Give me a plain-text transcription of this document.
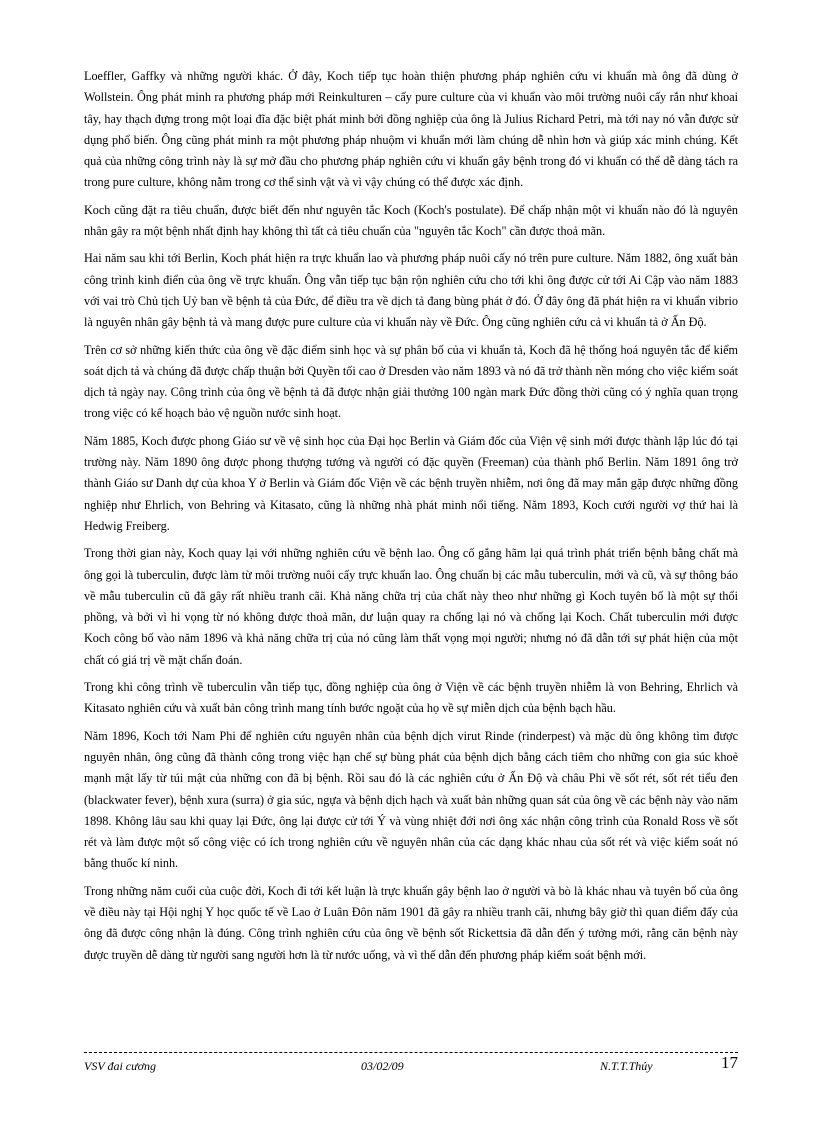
Loeffler, Gaffky và những người khác. Ở đây, Koch tiếp tục hoàn thiện phương pháp nghiên cứu vi khuẩn mà ông đã dùng ở Wollstein. Ông phát minh ra phương pháp mới Reinkulturen – cấy pure culture của vi khuẩn vào môi trường nuôi cấy rắn như khoai tây, hay thạch đựng trong một loại đĩa đặc biệt phát minh bởi đồng nghiệp của ông là Julius Richard Petri, mà tới nay nó vẫn được sử dụng phổ biến. Ông cũng phát minh ra một phương pháp nhuộm vi khuẩn mới làm chúng dễ nhìn hơn và giúp xác minh chúng. Kết quả của những công trình này là sự mở đầu cho phương pháp nghiên cứu vi khuẩn gây bệnh trong đó vi khuẩn có thể dễ dàng tách ra trong pure culture, không nằm trong cơ thể sinh vật và vì vậy chúng có thể được xác định.

Koch cũng đặt ra tiêu chuẩn, được biết đến như nguyên tắc Koch (Koch's postulate). Để chấp nhận một vi khuẩn nào đó là nguyên nhân gây ra một bệnh nhất định hay không thì tất cả tiêu chuẩn của "nguyên tắc Koch" cần được thoả mãn.

Hai năm sau khi tới Berlin, Koch phát hiện ra trực khuẩn lao và phương pháp nuôi cấy nó trên pure culture. Năm 1882, ông xuất bản công trình kinh điển của ông về trực khuẩn. Ông vẫn tiếp tục bận rộn nghiên cứu cho tới khi ông được cử tới Ai Cập vào năm 1883 với vai trò Chủ tịch Uỷ ban về bệnh tả của Đức, để điều tra về dịch tả đang bùng phát ở đó. Ở đây ông đã phát hiện ra vi khuẩn vibrio là nguyên nhân gây bệnh tả và mang được pure culture của vi khuẩn này về Đức. Ông cũng nghiên cứu cả vi khuẩn tả ở Ấn Độ.

Trên cơ sở những kiến thức của ông về đặc điểm sinh học và sự phân bố của vi khuẩn tả, Koch đã hệ thống hoá nguyên tắc để kiểm soát dịch tả và chúng đã được chấp thuận bởi Quyền tối cao ở Dresden vào năm 1893 và nó đã trở thành nền móng cho việc kiểm soát dịch tả ngày nay. Công trình của ông về bệnh tả đã được nhận giải thưởng 100 ngàn mark Đức đồng thời cũng có ý nghĩa quan trọng trong việc có kế hoạch bảo vệ nguồn nước sinh hoạt.

Năm 1885, Koch được phong Giáo sư về vệ sinh học của Đại học Berlin và Giám đốc của Viện vệ sinh mới được thành lập lúc đó tại trường này. Năm 1890 ông được phong thượng tướng và người có đặc quyền (Freeman) của thành phố Berlin. Năm 1891 ông trở thành Giáo sư Danh dự của khoa Y ở Berlin và Giám đốc Viện về các bệnh truyền nhiễm, nơi ông đã may mắn gặp được những đồng nghiệp như Ehrlich, von Behring và Kitasato, cũng là những nhà phát minh nổi tiếng. Năm 1893, Koch cưới người vợ thứ hai là Hedwig Freiberg.

Trong thời gian này, Koch quay lại với những nghiên cứu về bệnh lao. Ông cố gắng hãm lại quá trình phát triển bệnh bằng chất mà ông gọi là tuberculin, được làm từ môi trường nuôi cấy trực khuẩn lao. Ông chuẩn bị các mẫu tuberculin, mới và cũ, và sự thông báo về mẫu tuberculin cũ đã gây rất nhiều tranh cãi. Khả năng chữa trị của chất này theo như những gì Koch tuyên bố là một sự thổi phồng, và bởi vì hi vọng từ nó không được thoả mãn, dư luận quay ra chống lại nó và chống lại Koch. Chất tuberculin mới được Koch công bố vào năm 1896 và khả năng chữa trị của nó cũng làm thất vọng mọi người; nhưng nó đã dẫn tới sự phát hiện của một chất có giá trị về mặt chẩn đoán.

Trong khi công trình về tuberculin vẫn tiếp tục, đồng nghiệp của ông ở Viện về các bệnh truyền nhiễm là von Behring, Ehrlich và Kitasato nghiên cứu và xuất bản công trình mang tính bước ngoặt của họ về sự miễn dịch của bệnh bạch hầu.

Năm 1896, Koch tới Nam Phi để nghiên cứu nguyên nhân của bệnh dịch virut Rinde (rinderpest) và mặc dù ông không tìm được nguyên nhân, ông cũng đã thành công trong việc hạn chế sự bùng phát của bệnh dịch bằng cách tiêm cho những con gia súc khoẻ mạnh mật lấy từ túi mật của những con đã bị bệnh. Rồi sau đó là các nghiên cứu ở Ấn Độ và châu Phi về sốt rét, sốt rét tiểu đen (blackwater fever), bệnh xura (surra) ở gia súc, ngựa và bệnh dịch hạch và xuất bản những quan sát của ông về các bệnh này vào năm 1898. Không lâu sau khi quay lại Đức, ông lại được cử tới Ý và vùng nhiệt đới nơi ông xác nhận công trình của Ronald Ross về sốt rét và làm được một số công việc có ích trong nghiên cứu về nguyên nhân của các dạng khác nhau của sốt rét và việc kiểm soát nó bằng thuốc kí ninh.

Trong những năm cuối của cuộc đời, Koch đi tới kết luận là trực khuẩn gây bệnh lao ở người và bò là khác nhau và tuyên bố của ông về điều này tại Hội nghị Y học quốc tế về Lao ở Luân Đôn năm 1901 đã gây ra nhiều tranh cãi, nhưng bây giờ thì quan điểm đấy của ông đã được công nhận là đúng. Công trình nghiên cứu của ông về bệnh sốt Rickettsia đã dẫn đến ý tưởng mới, rằng căn bệnh này được truyền dễ dàng từ người sang người hơn là từ nước uống, và vì thế dẫn đến phương pháp kiểm soát bệnh mới.

VSV đai cương	03/02/09	N.T.T.Thủy	17
